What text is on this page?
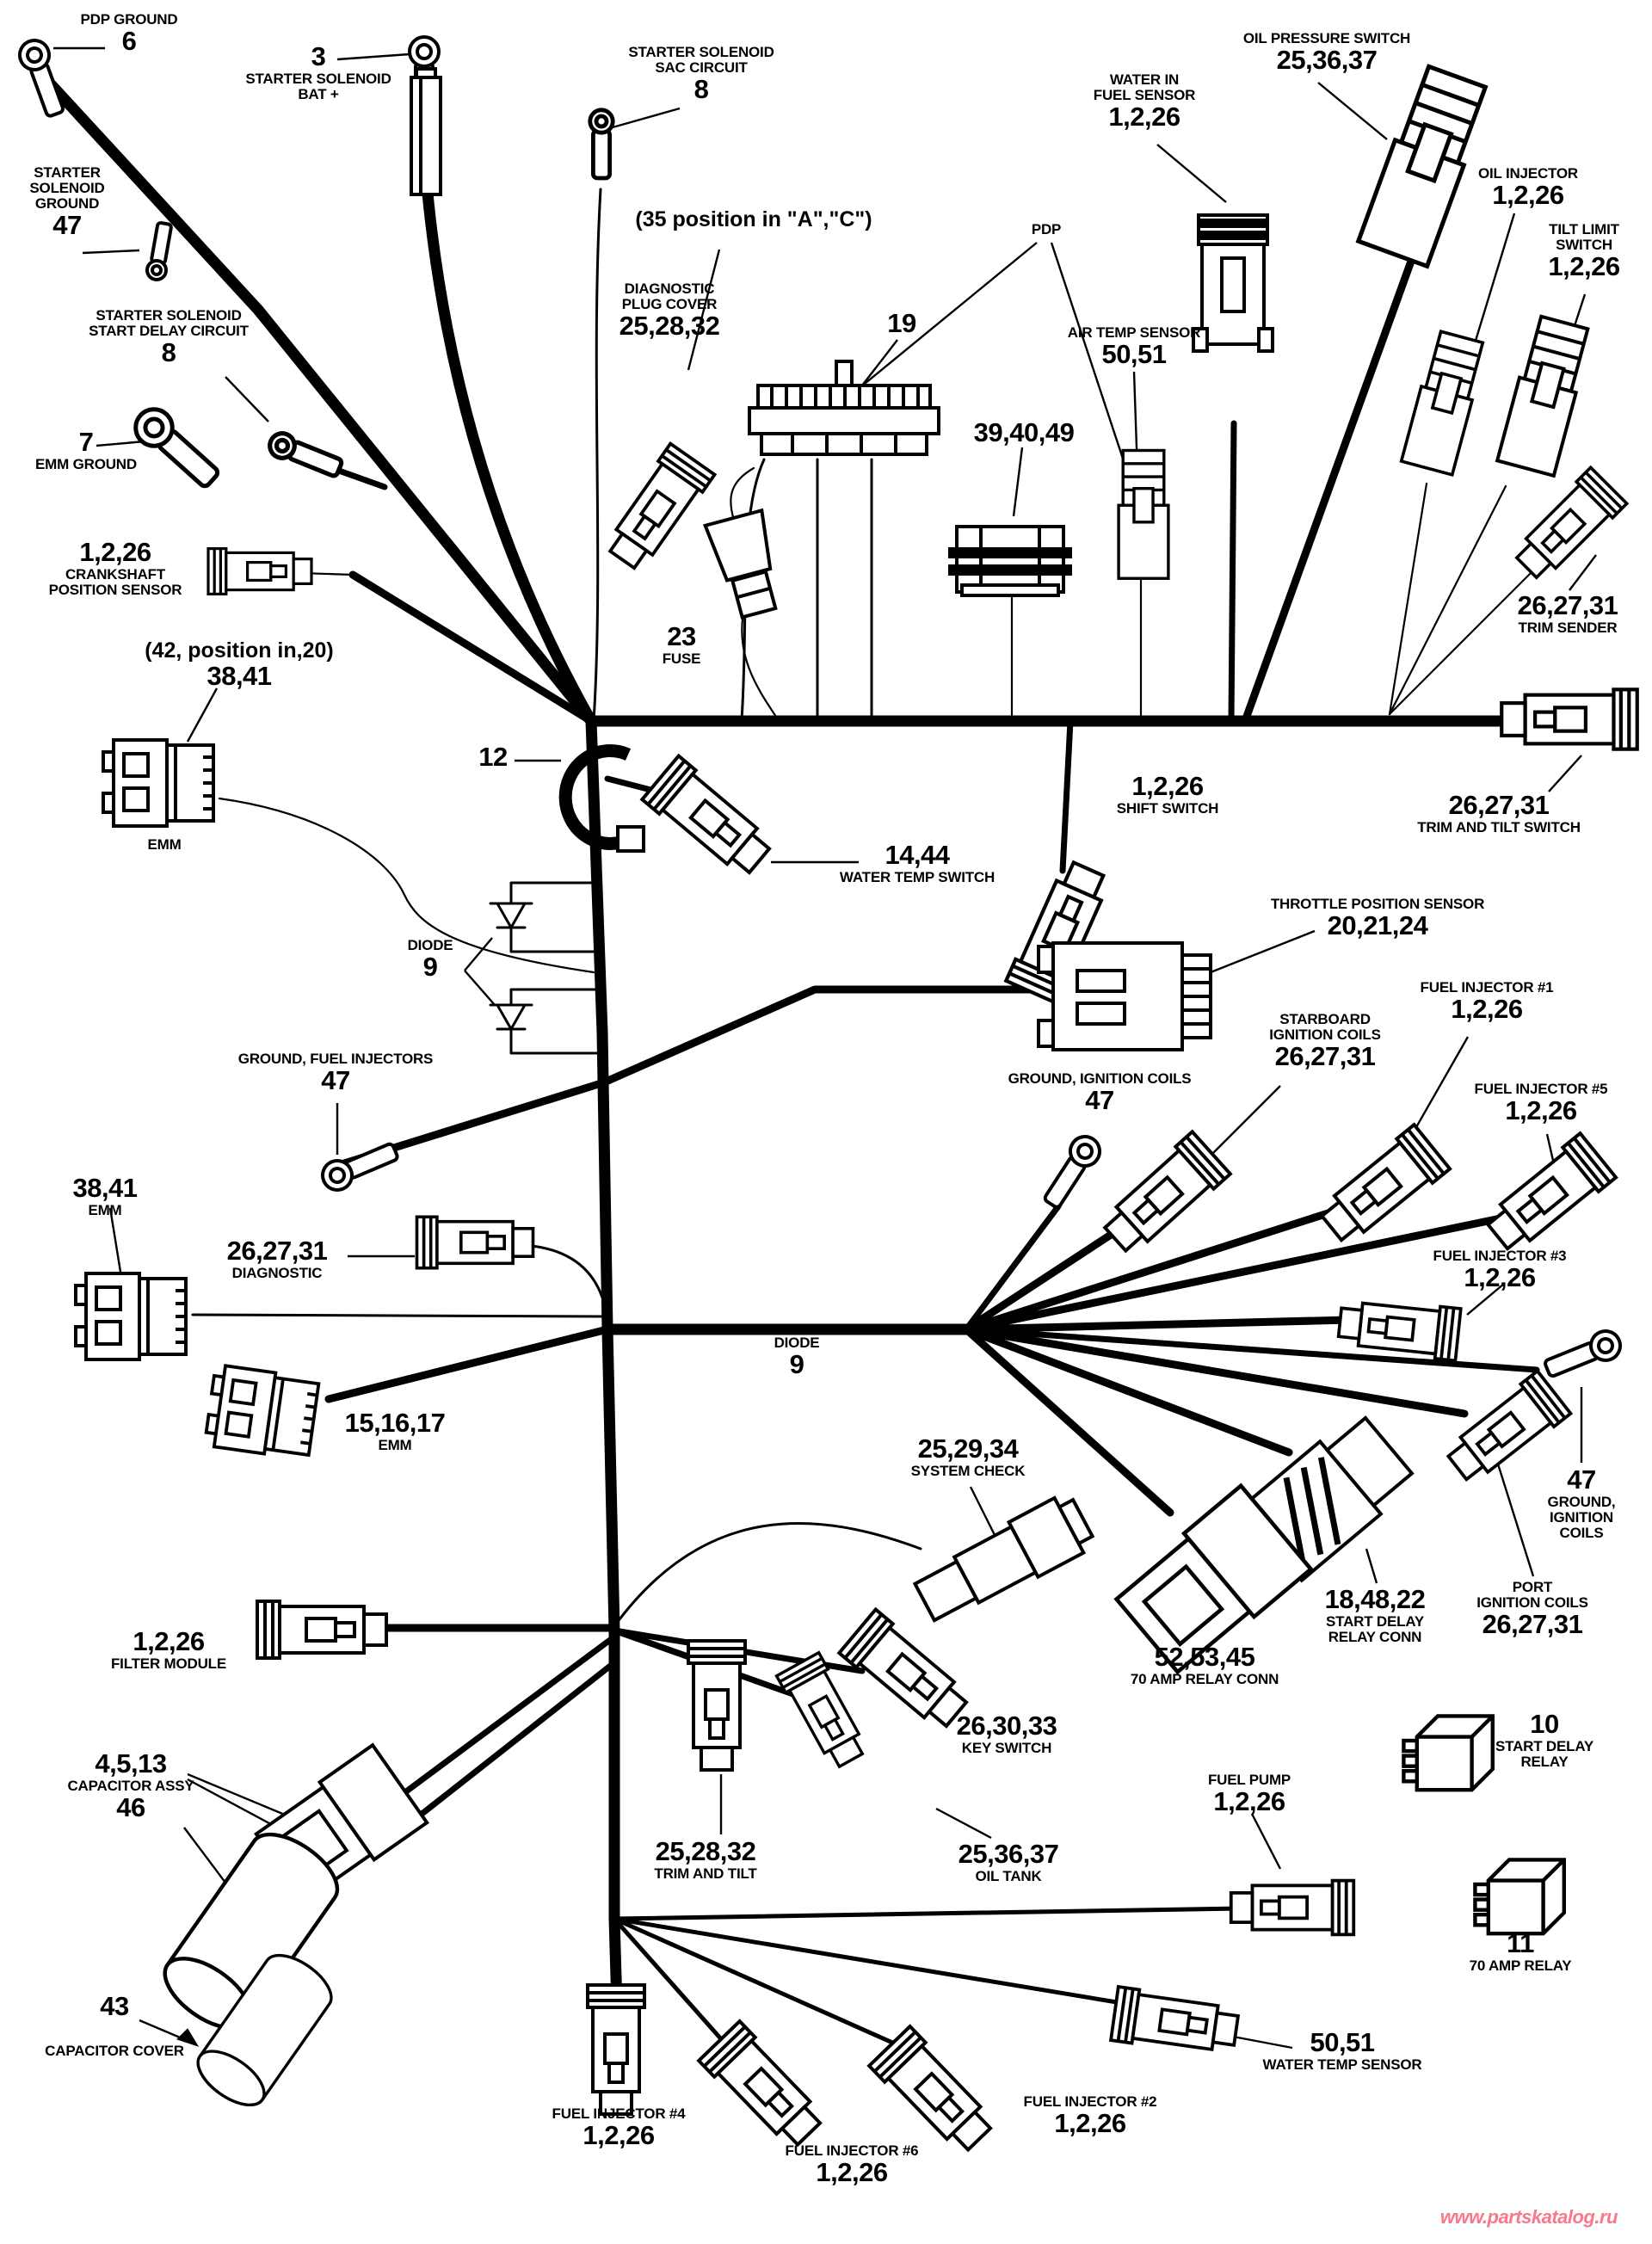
PDP GROUND
6
3
STARTER SOLENOID
BAT +
STARTER
SOLENOID
GROUND
47
STARTER SOLENOID
SAC CIRCUIT
8
(35 position in "A","C")
DIAGNOSTIC
PLUG COVER
25,28,32	19
PDP
WATER IN
FUEL SENSOR
1,2,26
OIL PRESSURE SWITCH
25,36,37
OIL INJECTOR
1,2,26
TILT LIMIT
SWITCH
1,2,26
STARTER SOLENOID
START DELAY CIRCUIT
8
7
EMM GROUND
39,40,49
AIR TEMP SENSOR
50,51
1,2,26
CRANKSHAFT
POSITION SENSOR
23
FUSE
26,27,31
TRIM SENDER
(42, position in,20)
38,41
EMM
12
1,2,26
SHIFT SWITCH	26,27,31
TRIM AND TILT SWITCH
14,44
WATER TEMP SWITCH
DIODE
9
THROTTLE POSITION SENSOR
20,21,24
GROUND, FUEL INJECTORS
47
STARBOARD
IGNITION COILS
26,27,31
FUEL INJECTOR #1
1,2,26
GROUND, IGNITION COILS
47	FUEL INJECTOR #5
1,2,26
38,41
EMM
26,27,31
DIAGNOSTIC
FUEL INJECTOR #3
1,2,26
DIODE
9
15,16,17
EMM	25,29,34
SYSTEM CHECK	47
GROUND,
IGNITION
COILS
18,48,22
START DELAY
RELAY CONN
PORT
IGNITION COILS
26,27,31
52,53,45
70 AMP RELAY CONN
1,2,26
FILTER MODULE
10
START DELAY
RELAY
26,30,33
KEY SWITCH
4,5,13
CAPACITOR ASSY
46
FUEL PUMP
1,2,26
25,28,32
TRIM AND TILT
25,36,37
OIL TANK
11
70 AMP RELAY
43
CAPACITOR COVER
FUEL INJECTOR #4
1,2,26
50,51
WATER TEMP SENSOR
FUEL INJECTOR #2
1,2,26
FUEL INJECTOR #6
1,2,26
www.partskatalog.ru
